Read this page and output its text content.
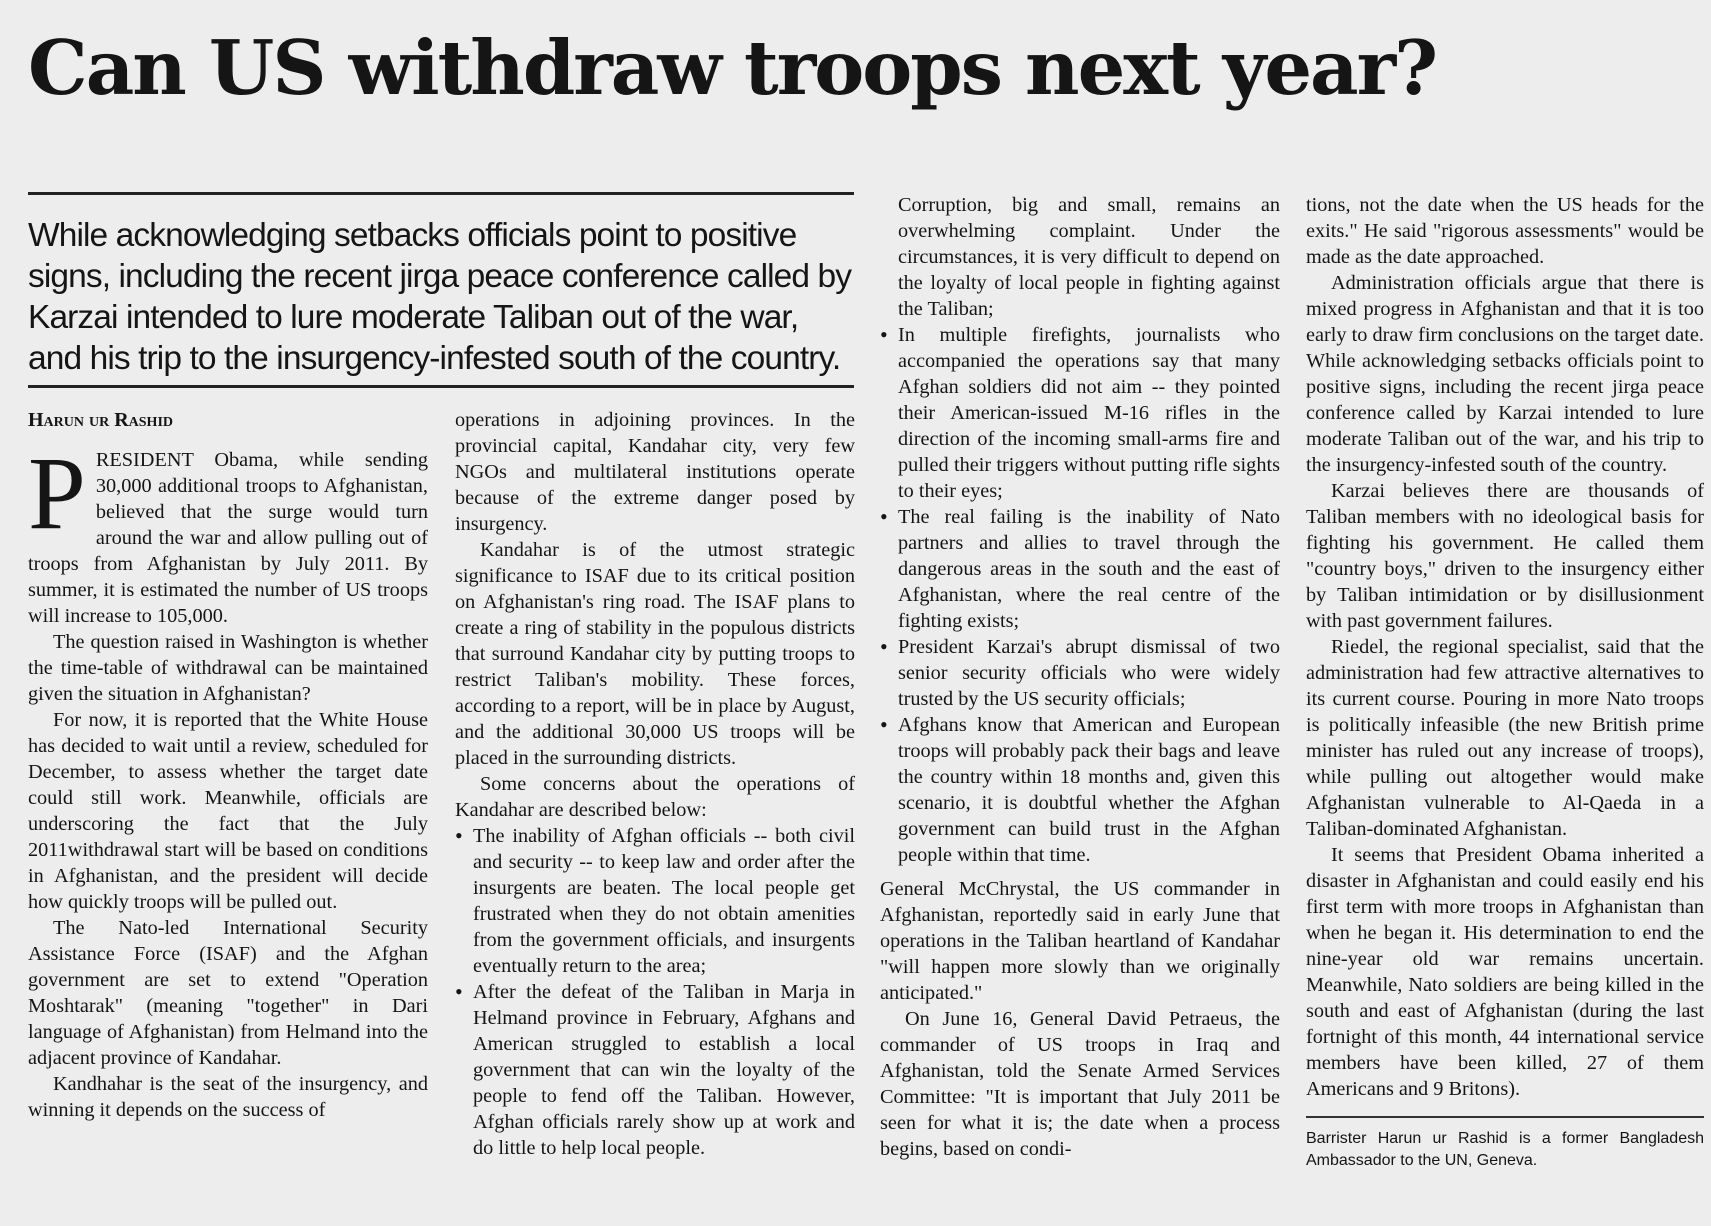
Can US withdraw troops next year?
While acknowledging setbacks officials point to positive signs, including the recent jirga peace conference called by Karzai intended to lure moderate Taliban out of the war, and his trip to the insurgency-infested south of the country.
Harun ur Rashid

PRESIDENT Obama, while sending 30,000 additional troops to Afghanistan, believed that the surge would turn around the war and allow pulling out of troops from Afghanistan by July 2011. By summer, it is estimated the number of US troops will increase to 105,000.

The question raised in Washington is whether the time-table of withdrawal can be maintained given the situation in Afghanistan?

For now, it is reported that the White House has decided to wait until a review, scheduled for December, to assess whether the target date could still work. Meanwhile, officials are underscoring the fact that the July 2011withdrawal start will be based on conditions in Afghanistan, and the president will decide how quickly troops will be pulled out.

The Nato-led International Security Assistance Force (ISAF) and the Afghan government are set to extend "Operation Moshtarak" (meaning "together" in Dari language of Afghanistan) from Helmand into the adjacent province of Kandahar.

Kandhahar is the seat of the insurgency, and winning it depends on the success of

operations in adjoining provinces. In the provincial capital, Kandahar city, very few NGOs and multilateral institutions operate because of the extreme danger posed by insurgency.

Kandahar is of the utmost strategic significance to ISAF due to its critical position on Afghanistan's ring road. The ISAF plans to create a ring of stability in the populous districts that surround Kandahar city by putting troops to restrict Taliban's mobility. These forces, according to a report, will be in place by August, and the additional 30,000 US troops will be placed in the surrounding districts.

Some concerns about the operations of Kandahar are described below:

• The inability of Afghan officials -- both civil and security -- to keep law and order after the insurgents are beaten. The local people get frustrated when they do not obtain amenities from the government officials, and insurgents eventually return to the area;
• After the defeat of the Taliban in Marja in Helmand province in February, Afghans and American struggled to establish a local government that can win the loyalty of the people to fend off the Taliban. However, Afghan officials rarely show up at work and do little to help local people.
Corruption, big and small, remains an overwhelming complaint. Under the circumstances, it is very difficult to depend on the loyalty of local people in fighting against the Taliban;
• In multiple firefights, journalists who accompanied the operations say that many Afghan soldiers did not aim -- they pointed their American-issued M-16 rifles in the direction of the incoming small-arms fire and pulled their triggers without putting rifle sights to their eyes;
• The real failing is the inability of Nato partners and allies to travel through the dangerous areas in the south and the east of Afghanistan, where the real centre of the fighting exists;
• President Karzai's abrupt dismissal of two senior security officials who were widely trusted by the US security officials;
• Afghans know that American and European troops will probably pack their bags and leave the country within 18 months and, given this scenario, it is doubtful whether the Afghan government can build trust in the Afghan people within that time.

General McChrystal, the US commander in Afghanistan, reportedly said in early June that operations in the Taliban heartland of Kandahar "will happen more slowly than we originally anticipated."

On June 16, General David Petraeus, the commander of US troops in Iraq and Afghanistan, told the Senate Armed Services Committee: "It is important that July 2011 be seen for what it is; the date when a process begins, based on condi-

tions, not the date when the US heads for the exits." He said "rigorous assessments" would be made as the date approached.

Administration officials argue that there is mixed progress in Afghanistan and that it is too early to draw firm conclusions on the target date. While acknowledging setbacks officials point to positive signs, including the recent jirga peace conference called by Karzai intended to lure moderate Taliban out of the war, and his trip to the insurgency-infested south of the country.

Karzai believes there are thousands of Taliban members with no ideological basis for fighting his government. He called them "country boys," driven to the insurgency either by Taliban intimidation or by disillusionment with past government failures.

Riedel, the regional specialist, said that the administration had few attractive alternatives to its current course. Pouring in more Nato troops is politically infeasible (the new British prime minister has ruled out any increase of troops), while pulling out altogether would make Afghanistan vulnerable to Al-Qaeda in a Taliban-dominated Afghanistan.

It seems that President Obama inherited a disaster in Afghanistan and could easily end his first term with more troops in Afghanistan than when he began it. His determination to end the nine-year old war remains uncertain. Meanwhile, Nato soldiers are being killed in the south and east of Afghanistan (during the last fortnight of this month, 44 international service members have been killed, 27 of them Americans and 9 Britons).

Barrister Harun ur Rashid is a former Bangladesh Ambassador to the UN, Geneva.
